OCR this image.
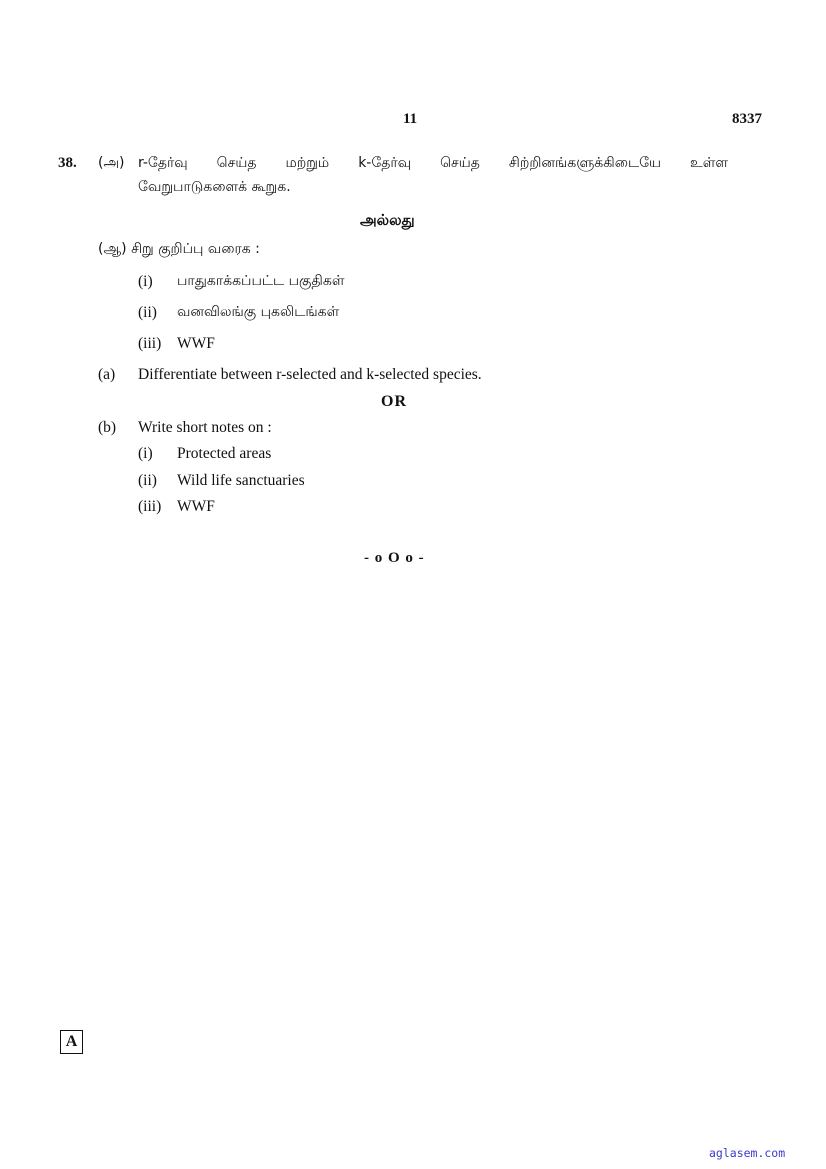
11	8337
38. (அ) r-தேர்வு செய்த மற்றும் k-தேர்வு செய்த சிற்றினங்களுக்கிடையே உள்ள
வேறுபாடுகளைக் கூறுக.
அல்லது
(ஆ) சிறு குறிப்பு வரைக :
(i) பாதுகாக்கப்பட்ட பகுதிகள்
(ii) வனவிலங்கு புகலிடங்கள்
(iii) WWF
(a) Differentiate between r-selected and k-selected species.
OR
(b) Write short notes on :
(i) Protected areas
(ii) Wild life sanctuaries
(iii) WWF
- o O o -
A
aglasem.com
